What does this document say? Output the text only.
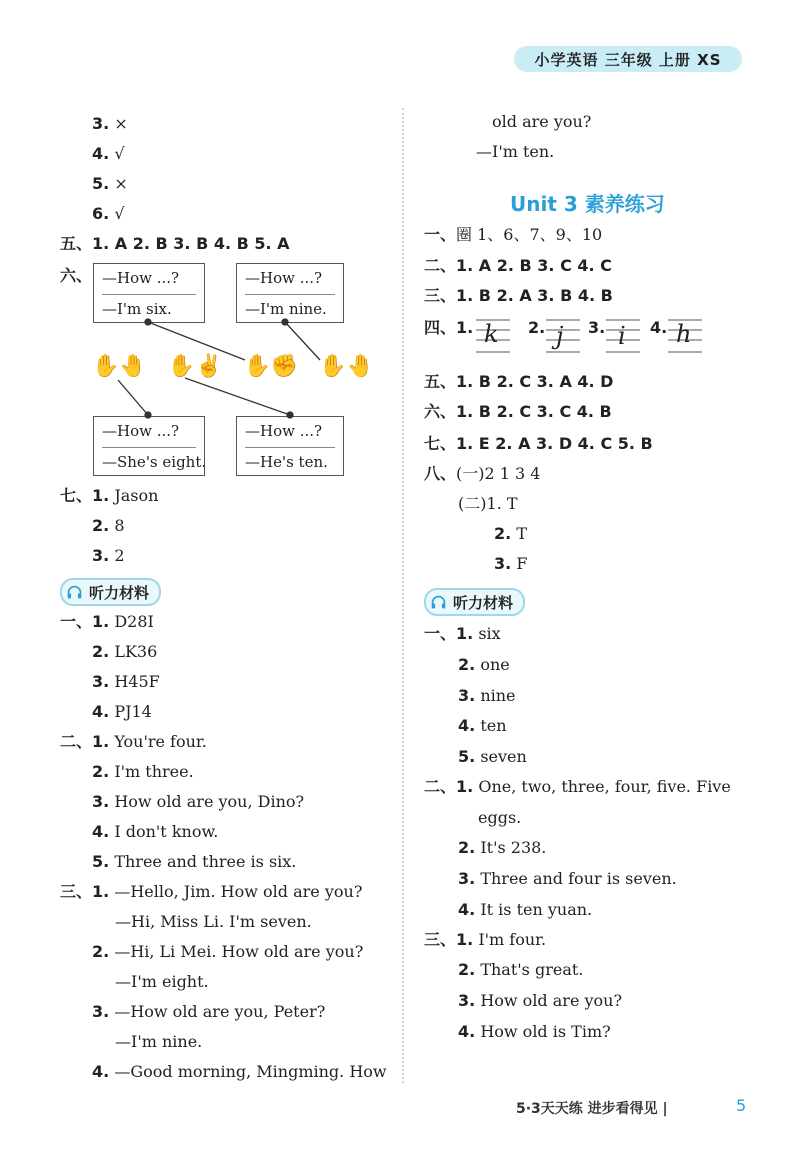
小学英语 三年级 上册 XS
3. ×
4. √
5. ×
6. √
五、1. A 2. B 3. B 4. B 5. A
六、 —How ...?
—I'm six.
—How ...?
—I'm nine.
—How ...?
—She's eight.
—How ...?
—He's ten.
✋🤚   ✋✌   ✋✊   ✋🤚
七、1. Jason
2. 8
3. 2
听力材料
一、1. D28I
2. LK36
3. H45F
4. PJ14
二、1. You're four.
2. I'm three.
3. How old are you, Dino?
4. I don't know.
5. Three and three is six.
三、1. —Hello, Jim. How old are you?
—Hi, Miss Li. I'm seven.
2. —Hi, Li Mei. How old are you?
—I'm eight.
3. —How old are you, Peter?
—I'm nine.
4. —Good morning, Mingming. How
old are you?
—I'm ten.
Unit 3 素养练习
一、圈 1、6、7、9、10
二、1. A 2. B 3. C 4. C
三、1. B 2. A 3. B 4. B
四、1. k 2. j 3. i 4. h
五、1. B 2. C 3. A 4. D
六、1. B 2. C 3. C 4. B
七、1. E 2. A 3. D 4. C 5. B
八、(一)2 1 3 4
(二)1. T
2. T
3. F
听力材料
一、1. six
2. one
3. nine
4. ten
5. seven
二、1. One, two, three, four, five. Five
eggs.
2. It's 238.
3. Three and four is seven.
4. It is ten yuan.
三、1. I'm four.
2. That's great.
3. How old are you?
4. How old is Tim?
5·3天天练 进步看得见 |	5
